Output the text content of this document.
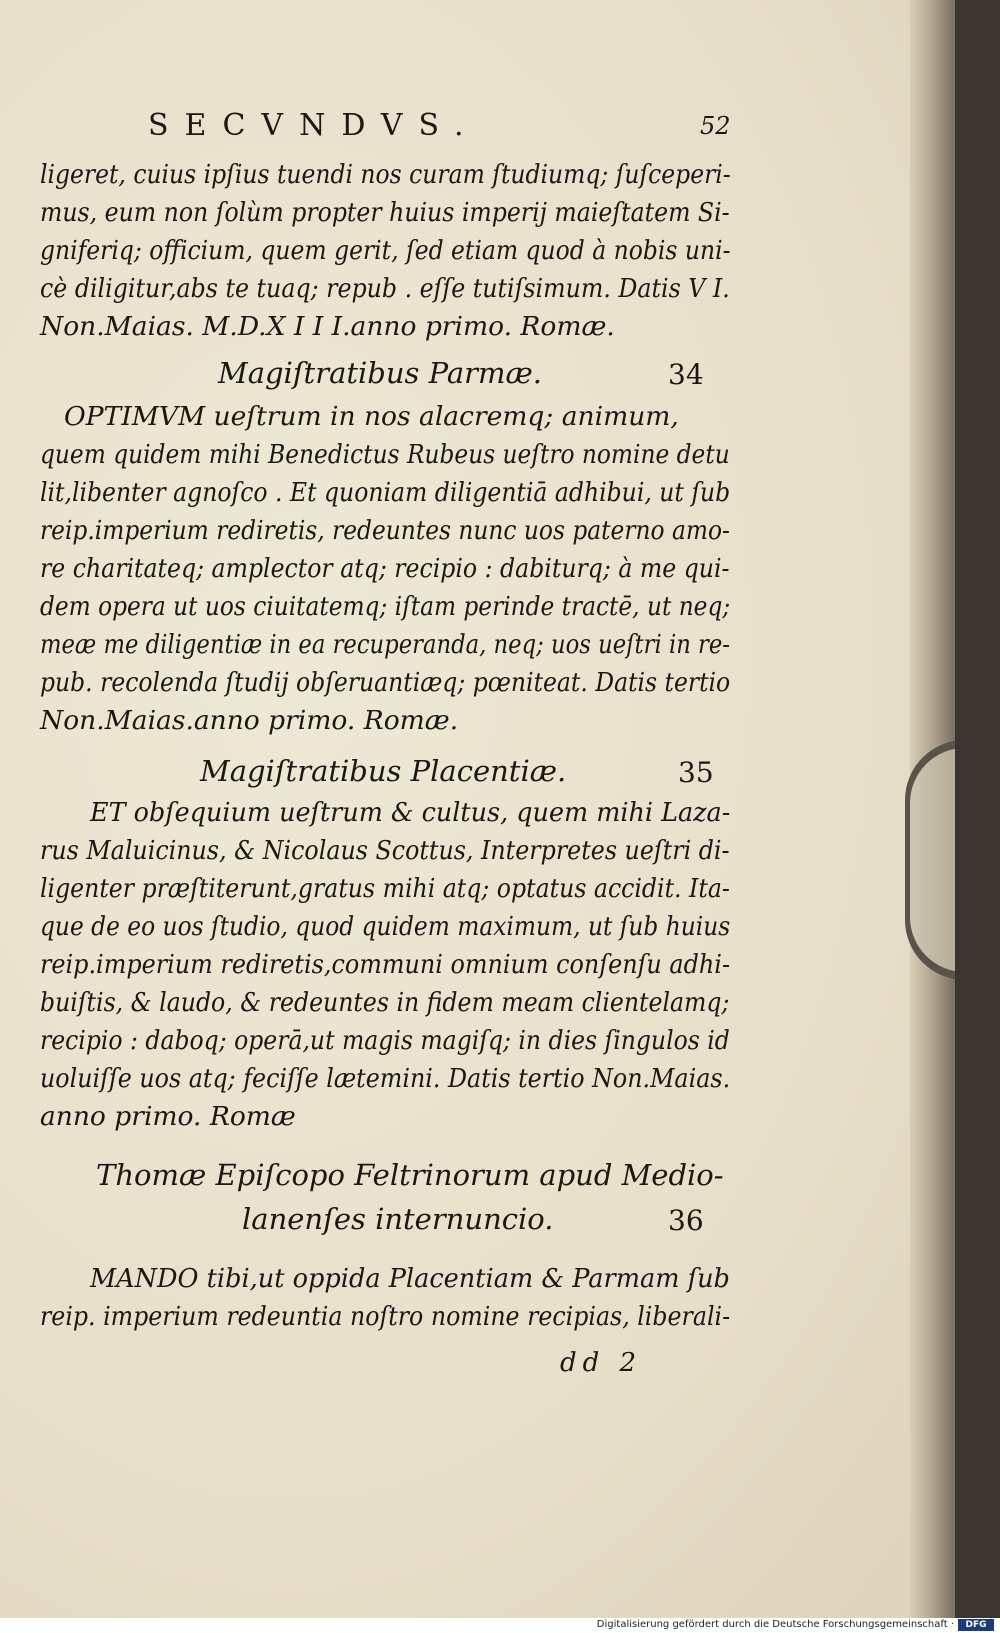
SECVNDVS.	52
ligeret, cuius ipſius tuendi nos curam ſtudiumq; ſuſceperi-
mus, eum non ſolùm propter huius imperij maieſtatem Si-
gniferiq; officium, quem gerit, ſed etiam quod à nobis uni-
cè diligitur,abs te tuaq; repub . eſſe tutiſsimum. Datis V I.
Non.Maias. M.D.X I I I.anno primo. Romæ.
Magiſtratibus Parmæ.	34
OPTIMVM ueſtrum in nos alacremq; animum,
quem quidem mihi Benedictus Rubeus ueſtro nomine detu
lit,libenter agnoſco . Et quoniam diligentiā adhibui, ut ſub
reip.imperium rediretis, redeuntes nunc uos paterno amo-
re charitateq; amplector atq; recipio : dabiturq; à me qui-
dem opera ut uos ciuitatemq; iſtam perinde tractē, ut neq;
meæ me diligentiæ in ea recuperanda, neq; uos ueſtri in re-
pub. recolenda ſtudij obſeruantiæq; pœniteat. Datis tertio
Non.Maias.anno primo. Romæ.
Magiſtratibus Placentiæ.	35
ET obſequium ueſtrum & cultus, quem mihi Laza-
rus Maluicinus, & Nicolaus Scottus, Interpretes ueſtri di-
ligenter præſtiterunt,gratus mihi atq; optatus accidit. Ita-
que de eo uos ſtudio, quod quidem maximum, ut ſub huius
reip.imperium rediretis,communi omnium conſenſu adhi-
buiſtis, & laudo, & redeuntes in fidem meam clientelamq;
recipio : daboq; operā,ut magis magiſq; in dies ſingulos id
uoluiſſe uos atq; feciſſe lætemini. Datis tertio Non.Maias.
anno primo. Romæ
Thomæ Epiſcopo Feltrinorum apud Medio-
lanenſes internuncio.	36
MANDO tibi,ut oppida Placentiam & Parmam ſub
reip. imperium redeuntia noſtro nomine recipias, liberali-
dd 2
Digitalisierung gefördert durch die Deutsche Forschungsgemeinschaft ·	DFG
